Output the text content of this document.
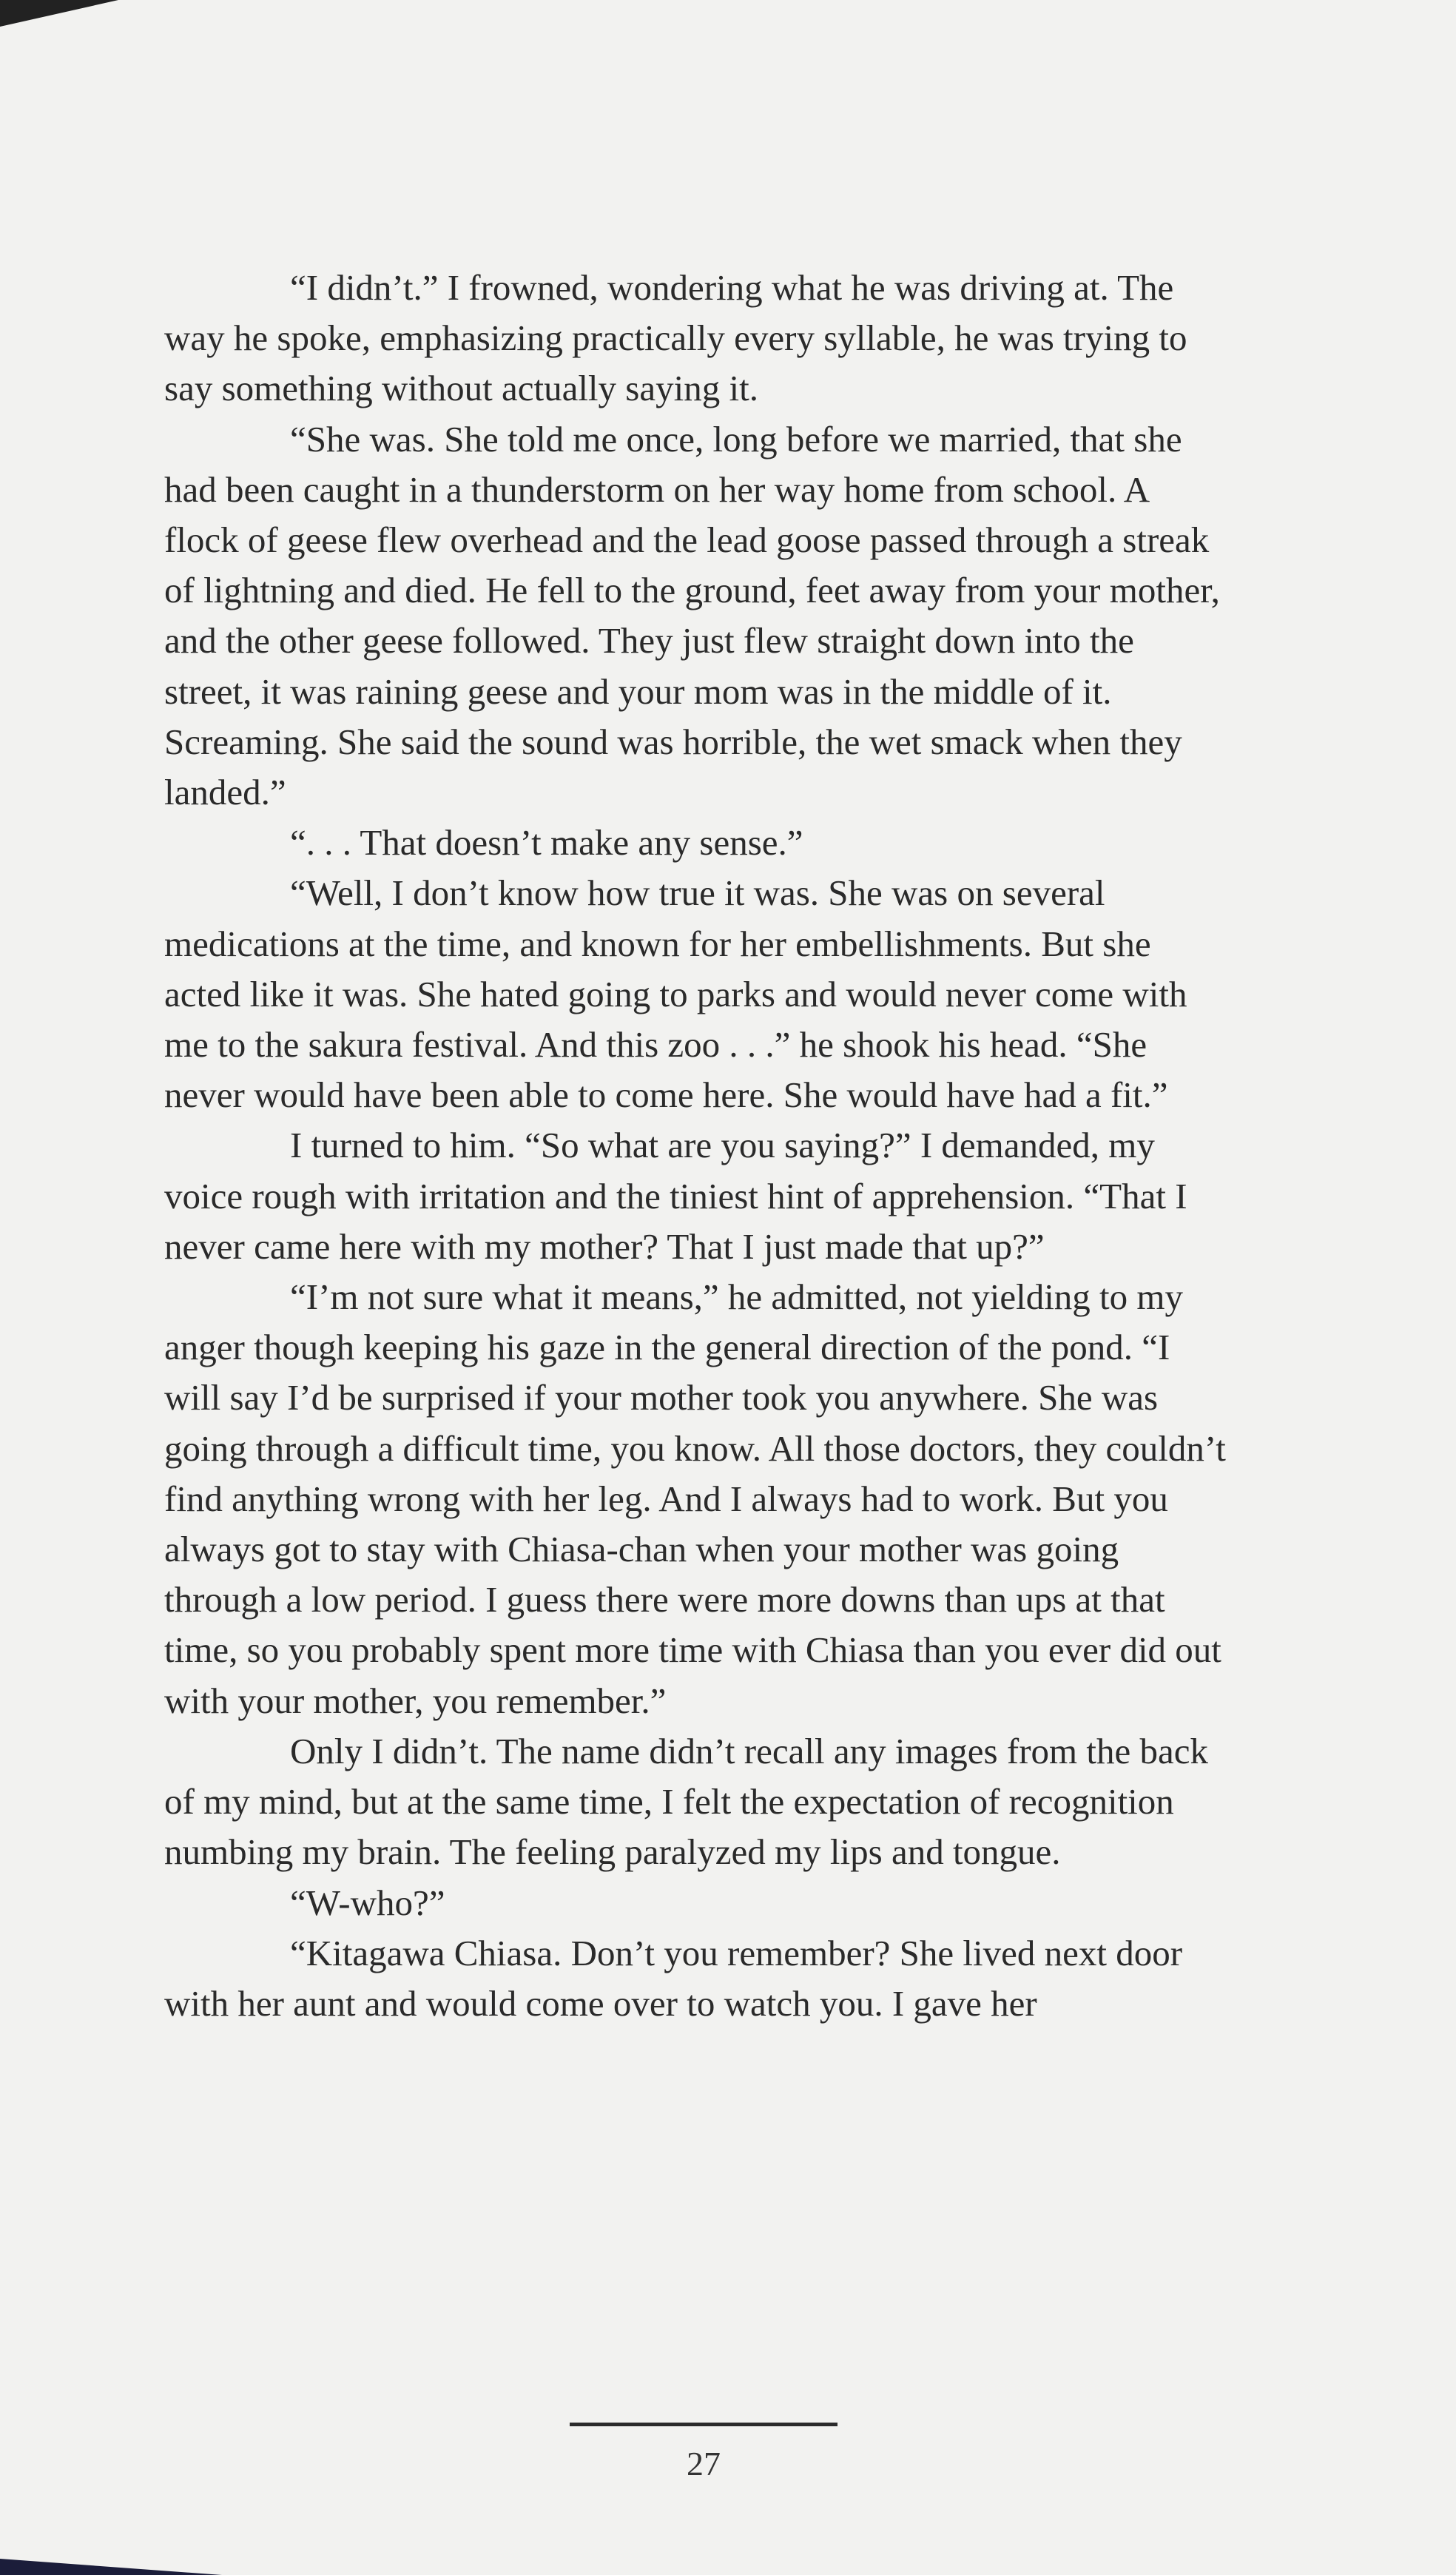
“I didn’t.” I frowned, wondering what he was driving at. The way he spoke, emphasizing practically every syllable, he was trying to say something without actually saying it.

“She was. She told me once, long before we married, that she had been caught in a thunderstorm on her way home from school. A flock of geese flew overhead and the lead goose passed through a streak of lightning and died. He fell to the ground, feet away from your mother, and the other geese followed. They just flew straight down into the street, it was raining geese and your mom was in the middle of it. Screaming. She said the sound was horrible, the wet smack when they landed.”

“. . . That doesn’t make any sense.”

“Well, I don’t know how true it was. She was on several medications at the time, and known for her embellishments. But she acted like it was. She hated going to parks and would never come with me to the sakura festival. And this zoo . . .” he shook his head. “She never would have been able to come here. She would have had a fit.”

I turned to him. “So what are you saying?” I demanded, my voice rough with irritation and the tiniest hint of apprehension. “That I never came here with my mother? That I just made that up?”

“I’m not sure what it means,” he admitted, not yielding to my anger though keeping his gaze in the general direction of the pond. “I will say I’d be surprised if your mother took you anywhere. She was going through a difficult time, you know. All those doctors, they couldn’t find anything wrong with her leg. And I always had to work. But you always got to stay with Chiasa-chan when your mother was going through a low period. I guess there were more downs than ups at that time, so you probably spent more time with Chiasa than you ever did out with your mother, you remember.”

Only I didn’t. The name didn’t recall any images from the back of my mind, but at the same time, I felt the expectation of recognition numbing my brain. The feeling paralyzed my lips and tongue.

“W-who?”

“Kitagawa Chiasa. Don’t you remember? She lived next door with her aunt and would come over to watch you. I gave her

27
